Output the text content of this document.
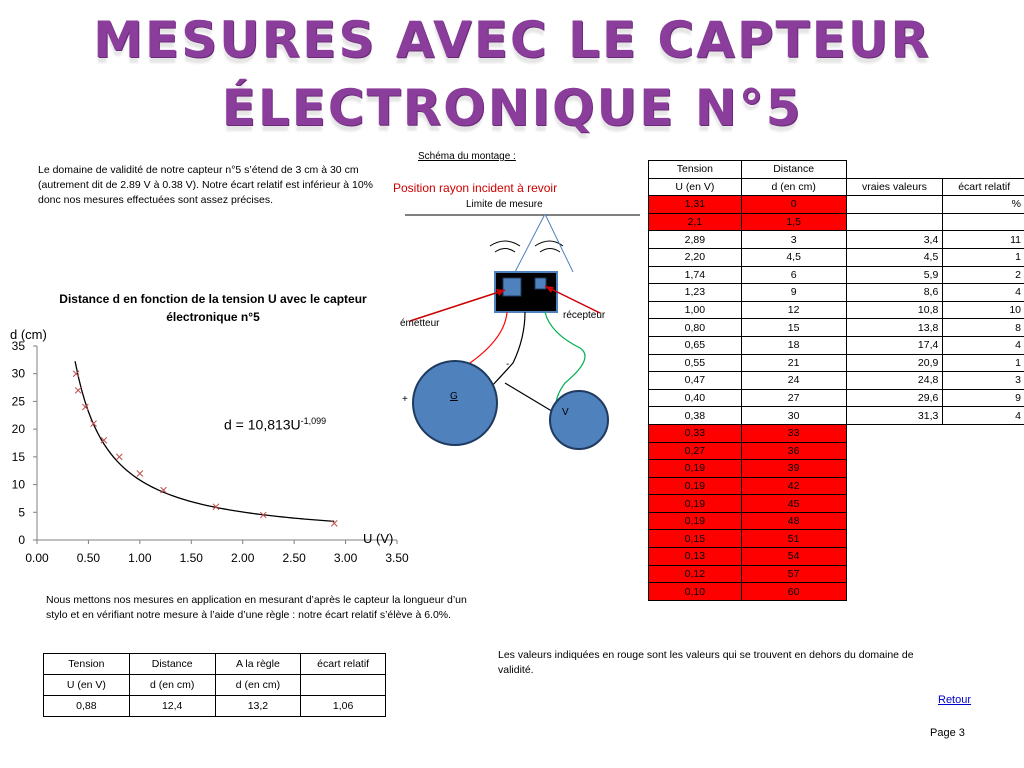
MESURES AVEC LE CAPTEUR
ÉLECTRONIQUE N°5
Le domaine de validité de notre capteur n°5 s’étend de 3 cm à 30 cm (autrement dit de 2.89 V à 0.38 V). Notre écart relatif est inférieur à 10% donc nos mesures effectuées sont assez précises.
Schéma du montage :
Position rayon incident à revoir
Limite de mesure
émetteur
récepteur
+
-
G
V
Distance d en fonction de la tension U avec le capteur électronique n°5
0.00 0.50 1.00 1.50 2.00 2.50 3.00 3.50
0
5
10
15
20
25
30
35
d (cm)
U (V)
$d = 10,813U^{-1,099}$
Tension	Distance		
U (en V)	d (en cm)	vraies valeurs	écart relatif
1,31	0		%
2,1	1,5		
2,89	3	3,4	11
2,20	4,5	4,5	1
1,74	6	5,9	2
1,23	9	8,6	4
1,00	12	10,8	10
0,80	15	13,8	8
0,65	18	17,4	4
0,55	21	20,9	1
0,47	24	24,8	3
0,40	27	29,6	9
0,38	30	31,3	4
0,33	33		
0,27	36		
0,19	39		
0,19	42		
0,19	45		
0,19	48		
0,15	51		
0,13	54		
0,12	57		
0,10	60		
Nous mettons nos mesures en application en mesurant d’après le capteur la longueur d’un stylo et en vérifiant notre mesure à l’aide d’une règle : notre écart relatif s’élève à 6.0%.
Tension	Distance	A la règle	écart relatif
U (en V)	d (en cm)	d (en cm)	
0,88	12,4	13,2	1,06
Les valeurs indiquées en rouge sont les valeurs qui se trouvent en dehors du domaine de validité.
Retour
Page 3
